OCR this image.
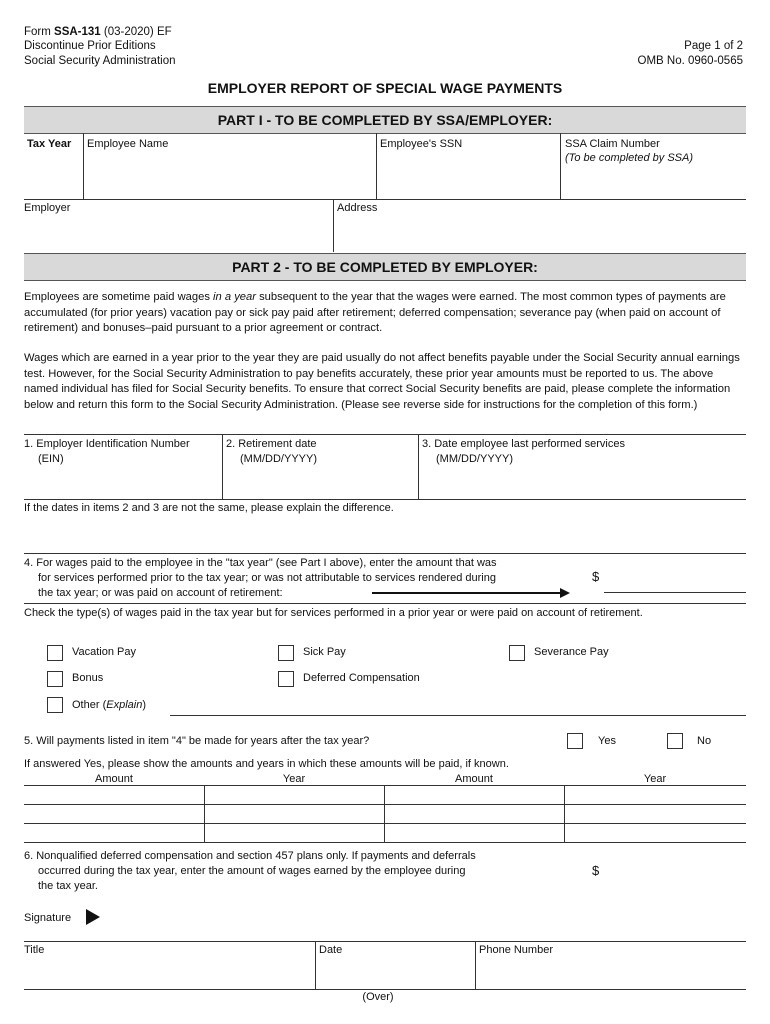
Form SSA-131 (03-2020) EF
Discontinue Prior Editions
Social Security Administration
Page 1 of 2
OMB No. 0960-0565
EMPLOYER REPORT OF SPECIAL WAGE PAYMENTS
PART I - TO BE COMPLETED BY SSA/EMPLOYER:
Tax Year Employee Name	Employee's SSN	SSA Claim Number
(To be completed by SSA)
Employer	Address
PART 2 - TO BE COMPLETED BY EMPLOYER:
Employees are sometime paid wages in a year subsequent to the year that the wages were earned. The most common types of payments are accumulated (for prior years) vacation pay or sick pay paid after retirement; deferred compensation; severance pay (when paid on account of retirement) and bonuses–paid pursuant to a prior agreement or contract.
Wages which are earned in a year prior to the year they are paid usually do not affect benefits payable under the Social Security annual earnings test. However, for the Social Security Administration to pay benefits accurately, these prior year amounts must be reported to us. The above named individual has filed for Social Security benefits. To ensure that correct Social Security benefits are paid, please complete the information below and return this form to the Social Security Administration. (Please see reverse side for instructions for the completion of this form.)
1. Employer Identification Number
(EIN)
2. Retirement date
(MM/DD/YYYY)
3. Date employee last performed services
(MM/DD/YYYY)
If the dates in items 2 and 3 are not the same, please explain the difference.
4. For wages paid to the employee in the "tax year" (see Part I above), enter the amount that was
for services performed prior to the tax year; or was not attributable to services rendered during
the tax year; or was paid on account of retirement:
$
Check the type(s) of wages paid in the tax year but for services performed in a prior year or were paid on account of retirement.
Vacation Pay	Sick Pay	Severance Pay
Bonus	Deferred Compensation
Other (Explain)
5. Will payments listed in item "4" be made for years after the tax year?	Yes	No
If answered Yes, please show the amounts and years in which these amounts will be paid, if known.
Amount	Year	Amount	Year

6. Nonqualified deferred compensation and section 457 plans only. If payments and deferrals
occurred during the tax year, enter the amount of wages earned by the employee during
the tax year.
$
Signature
Title	Date	Phone Number
(Over)
